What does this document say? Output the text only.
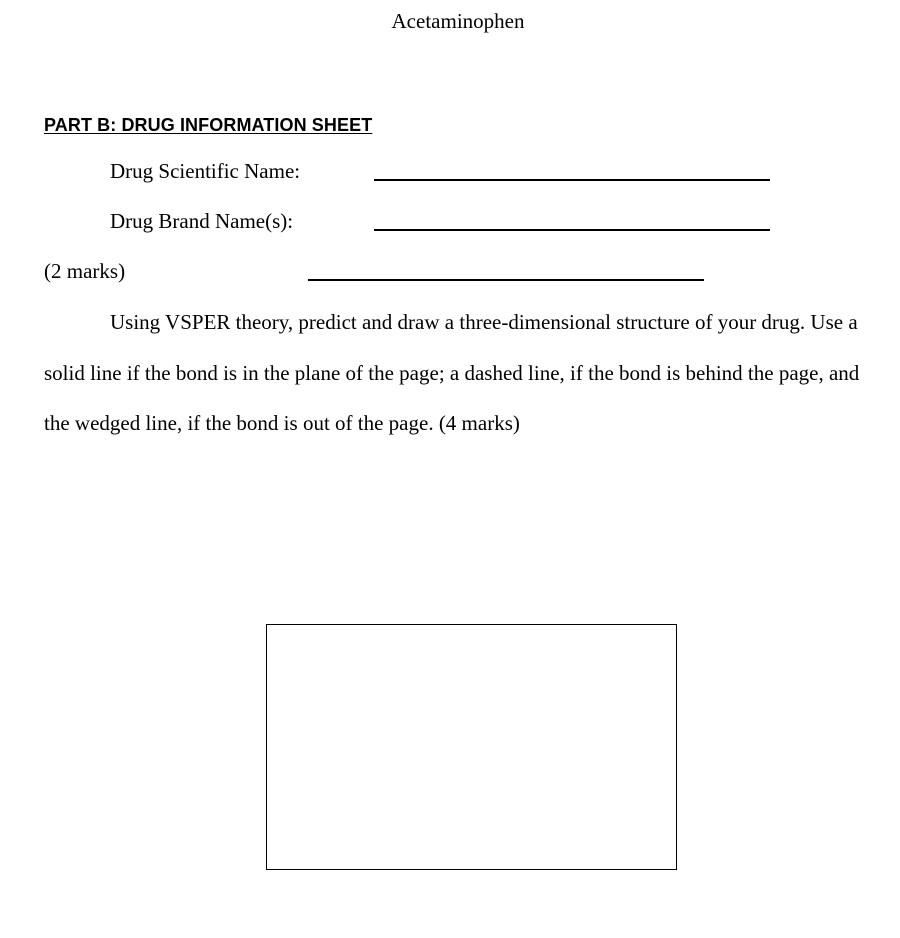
Acetaminophen
PART B: DRUG INFORMATION SHEET
Drug Scientific Name:
Drug Brand Name(s):
(2 marks)

Using VSPER theory, predict and draw a three-dimensional structure of your drug. Use a solid line if the bond is in the plane of the page; a dashed line, if the bond is behind the page, and the wedged line, if the bond is out of the page. (4 marks)
